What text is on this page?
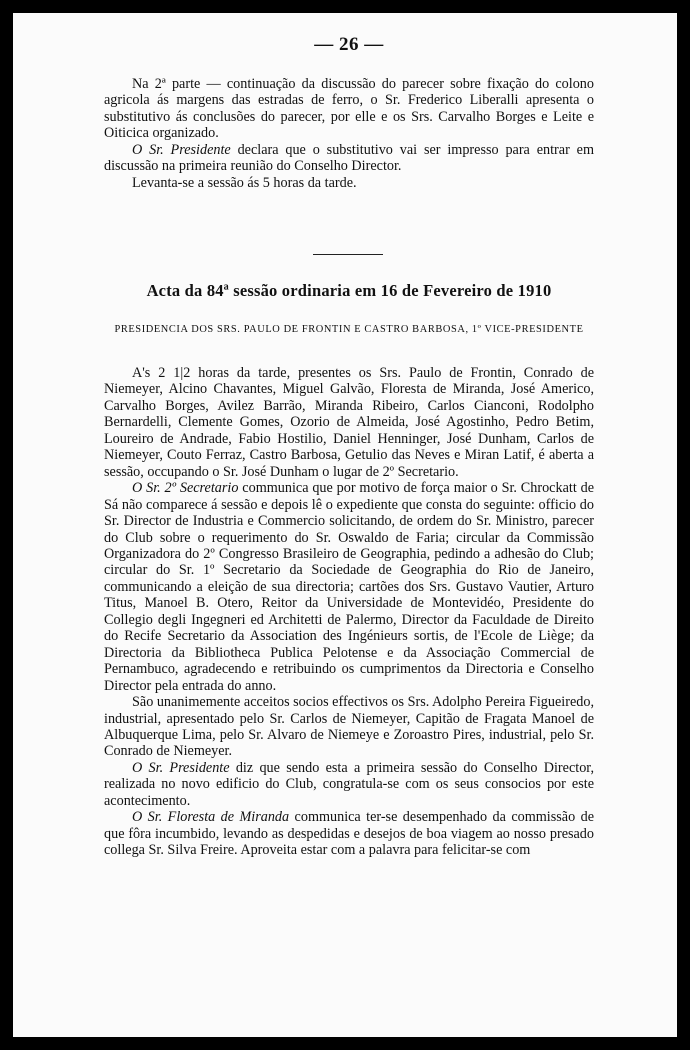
— 26 —

Na 2ª parte — continuação da discussão do parecer sobre fixação do colono agricola ás margens das estradas de ferro, o Sr. Frederico Liberalli apresenta o substitutivo ás conclusões do parecer, por elle e os Srs. Carvalho Borges e Leite e Oiticica organizado.

O Sr. Presidente declara que o substitutivo vai ser impresso para entrar em discussão na primeira reunião do Conselho Director.

Levanta-se a sessão ás 5 horas da tarde.

Acta da 84ª sessão ordinaria em 16 de Fevereiro de 1910
PRESIDENCIA DOS SRS. PAULO DE FRONTIN E CASTRO BARBOSA, 1º VICE-PRESIDENTE

A's 2 1|2 horas da tarde, presentes os Srs. Paulo de Frontin, Conrado de Niemeyer, Alcino Chavantes, Miguel Galvão, Floresta de Miranda, José Americo, Carvalho Borges, Avilez Barrão, Miranda Ribeiro, Carlos Cianconi, Rodolpho Bernardelli, Clemente Gomes, Ozorio de Almeida, José Agostinho, Pedro Betim, Loureiro de Andrade, Fabio Hostilio, Daniel Henninger, José Dunham, Carlos de Niemeyer, Couto Ferraz, Castro Barbosa, Getulio das Neves e Miran Latif, é aberta a sessão, occupando o Sr. José Dunham o lugar de 2º Secretario.

O Sr. 2º Secretario communica que por motivo de força maior o Sr. Chrockatt de Sá não comparece á sessão e depois lê o expediente que consta do seguinte: officio do Sr. Director de Industria e Commercio solicitando, de ordem do Sr. Ministro, parecer do Club sobre o requerimento do Sr. Oswaldo de Faria; circular da Commissão Organizadora do 2º Congresso Brasileiro de Geographia, pedindo a adhesão do Club; circular do Sr. 1º Secretario da Sociedade de Geographia do Rio de Janeiro, communicando a eleição de sua directoria; cartões dos Srs. Gustavo Vautier, Arturo Titus, Manoel B. Otero, Reitor da Universidade de Montevidéo, Presidente do Collegio degli Ingegneri ed Architetti de Palermo, Director da Faculdade de Direito do Recife Secretario da Association des Ingénieurs sortis, de l'Ecole de Liège; da Directoria da Bibliotheca Publica Pelotense e da Associação Commercial de Pernambuco, agradecendo e retribuindo os cumprimentos da Directoria e Conselho Director pela entrada do anno.

São unanimemente acceitos socios effectivos os Srs. Adolpho Pereira Figueiredo, industrial, apresentado pelo Sr. Carlos de Niemeyer, Capitão de Fragata Manoel de Albuquerque Lima, pelo Sr. Alvaro de Niemeye e Zoroastro Pires, industrial, pelo Sr. Conrado de Niemeyer.

O Sr. Presidente diz que sendo esta a primeira sessão do Conselho Director, realizada no novo edificio do Club, congratula-se com os seus consocios por este acontecimento.

O Sr. Floresta de Miranda communica ter-se desempenhado da commissão de que fôra incumbido, levando as despedidas e desejos de boa viagem ao nosso presado collega Sr. Silva Freire. Aproveita estar com a palavra para felicitar-se com
